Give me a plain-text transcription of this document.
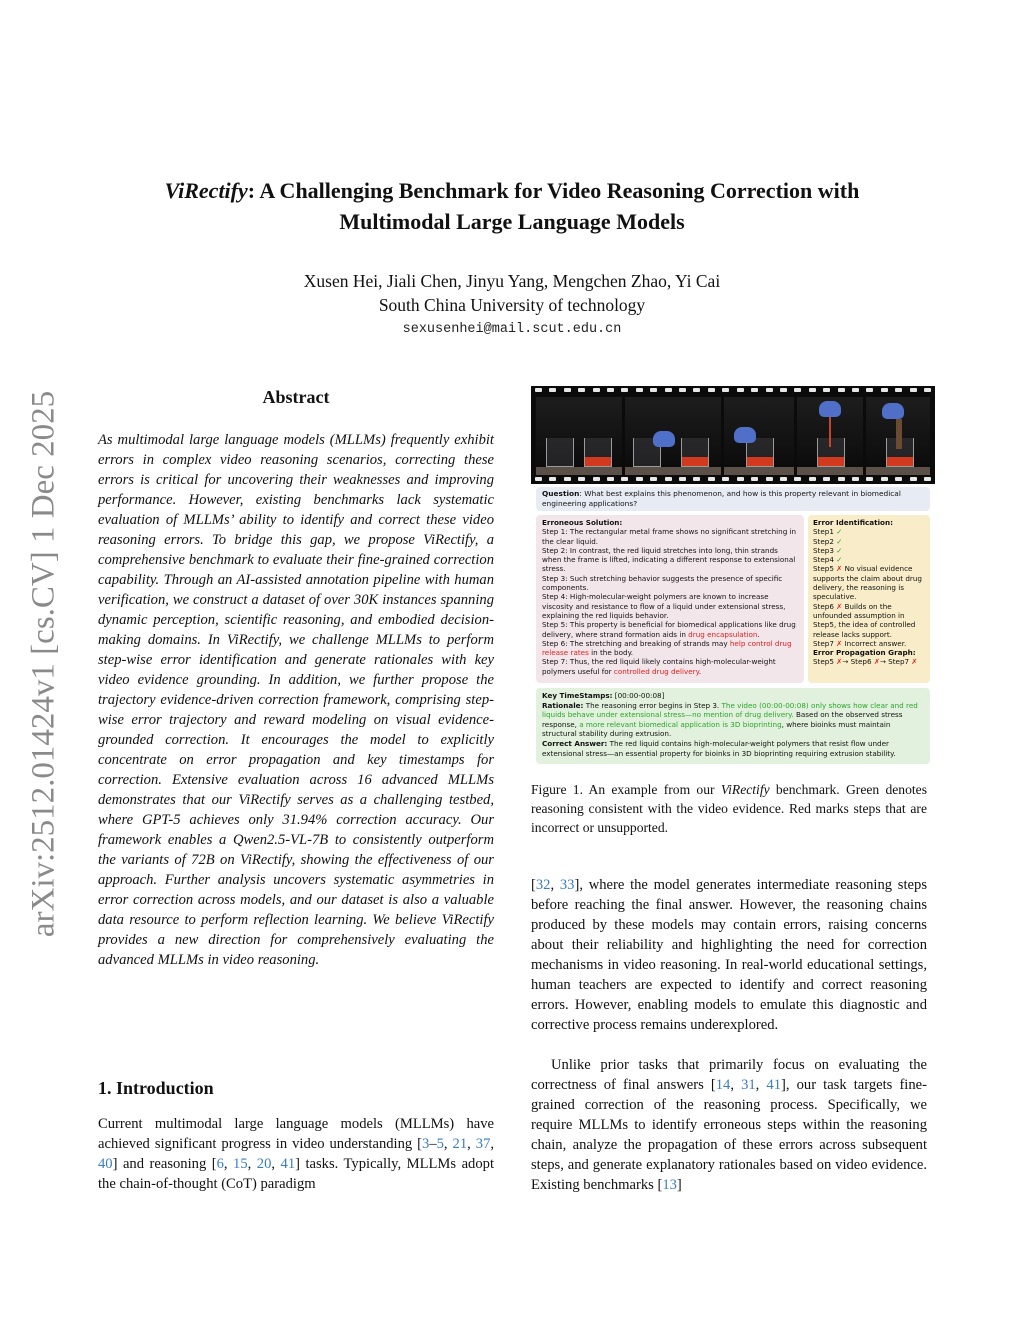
arXiv:2512.01424v1 [cs.CV] 1 Dec 2025
ViRectify: A Challenging Benchmark for Video Reasoning Correction with
Multimodal Large Language Models
Xusen Hei, Jiali Chen, Jinyu Yang, Mengchen Zhao, Yi Cai
South China University of technology
sexusenhei@mail.scut.edu.cn
Abstract
As multimodal large language models (MLLMs) frequently exhibit errors in complex video reasoning scenarios, correcting these errors is critical for uncovering their weaknesses and improving performance. However, existing benchmarks lack systematic evaluation of MLLMs’ ability to identify and correct these video reasoning errors. To bridge this gap, we propose ViRectify, a comprehensive benchmark to evaluate their fine-grained correction capability. Through an AI-assisted annotation pipeline with human verification, we construct a dataset of over 30K instances spanning dynamic perception, scientific reasoning, and embodied decision-making domains. In ViRectify, we challenge MLLMs to perform step-wise error identification and generate rationales with key video evidence grounding. In addition, we further propose the trajectory evidence-driven correction framework, comprising step-wise error trajectory and reward modeling on visual evidence-grounded correction. It encourages the model to explicitly concentrate on error propagation and key timestamps for correction. Extensive evaluation across 16 advanced MLLMs demonstrates that our ViRectify serves as a challenging testbed, where GPT-5 achieves only 31.94% correction accuracy. Our framework enables a Qwen2.5-VL-7B to consistently outperform the variants of 72B on ViRectify, showing the effectiveness of our approach. Further analysis uncovers systematic asymmetries in error correction across models, and our dataset is also a valuable data resource to perform reflection learning. We believe ViRectify provides a new direction for comprehensively evaluating the advanced MLLMs in video reasoning.
1. Introduction
Current multimodal large language models (MLLMs) have achieved significant progress in video understanding [3–5, 21, 37, 40] and reasoning [6, 15, 20, 41] tasks. Typically, MLLMs adopt the chain-of-thought (CoT) paradigm
Question: What best explains this phenomenon, and how is this property relevant in biomedical engineering applications?
Erroneous Solution:
Step 1: The rectangular metal frame shows no significant stretching in the clear liquid.
Step 2: In contrast, the red liquid stretches into long, thin strands when the frame is lifted, indicating a different response to extensional stress.
Step 3: Such stretching behavior suggests the presence of specific components.
Step 4: High-molecular-weight polymers are known to increase viscosity and resistance to flow of a liquid under extensional stress, explaining the red liquids behavior.
Step 5: This property is beneficial for biomedical applications like drug delivery, where strand formation aids in drug encapsulation.
Step 6: The stretching and breaking of strands may help control drug release rates in the body.
Step 7: Thus, the red liquid likely contains high-molecular-weight polymers useful for controlled drug delivery.
Error Identification:
Step1 ✓
Step2 ✓
Step3 ✓
Step4 ✓
Step5 ✗ No visual evidence supports the claim about drug delivery, the reasoning is speculative.
Step6 ✗ Builds on the unfounded assumption in Step5, the idea of controlled release lacks support.
Step7 ✗ Incorrect answer.
Error Propagation Graph:
Step5 ✗→ Step6 ✗→ Step7 ✗
Key TimeStamps: [00:00-00:08]
Rationale: The reasoning error begins in Step 3. The video (00:00-00:08) only shows how clear and red liquids behave under extensional stress—no mention of drug delivery. Based on the observed stress response, a more relevant biomedical application is 3D bioprinting, where bioinks must maintain structural stability during extrusion.
Correct Answer: The red liquid contains high-molecular-weight polymers that resist flow under extensional stress—an essential property for bioinks in 3D bioprinting requiring extrusion stability.
Figure 1. An example from our ViRectify benchmark. Green denotes reasoning consistent with the video evidence. Red marks steps that are incorrect or unsupported.
[32, 33], where the model generates intermediate reasoning steps before reaching the final answer. However, the reasoning chains produced by these models may contain errors, raising concerns about their reliability and highlighting the need for correction mechanisms in video reasoning. In real-world educational settings, human teachers are expected to identify and correct reasoning errors. However, enabling models to emulate this diagnostic and corrective process remains underexplored.
Unlike prior tasks that primarily focus on evaluating the correctness of final answers [14, 31, 41], our task targets fine-grained correction of the reasoning process. Specifically, we require MLLMs to identify erroneous steps within the reasoning chain, analyze the propagation of these errors across subsequent steps, and generate explanatory rationales based on video evidence. Existing benchmarks [13]
